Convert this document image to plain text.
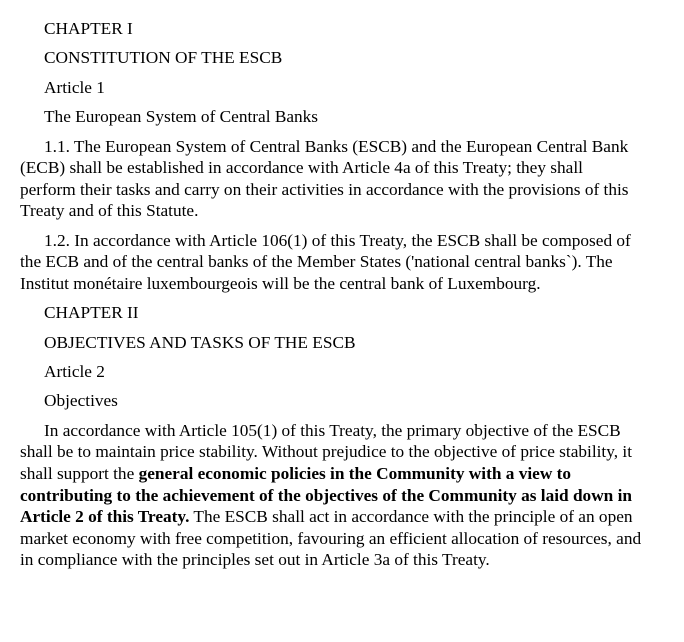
CHAPTER I

CONSTITUTION OF THE ESCB

Article 1

The European System of Central Banks

1.1. The European System of Central Banks (ESCB) and the European Central Bank (ECB) shall be established in accordance with Article 4a of this Treaty; they shall perform their tasks and carry on their activities in accordance with the provisions of this Treaty and of this Statute.

1.2. In accordance with Article 106(1) of this Treaty, the ESCB shall be composed of the ECB and of the central banks of the Member States ('national central banks`). The Institut monétaire luxembourgeois will be the central bank of Luxembourg.

CHAPTER II

OBJECTIVES AND TASKS OF THE ESCB

Article 2

Objectives

In accordance with Article 105(1) of this Treaty, the primary objective of the ESCB shall be to maintain price stability. Without prejudice to the objective of price stability, it shall support the general economic policies in the Community with a view to contributing to the achievement of the objectives of the Community as laid down in Article 2 of this Treaty. The ESCB shall act in accordance with the principle of an open market economy with free competition, favouring an efficient allocation of resources, and in compliance with the principles set out in Article 3a of this Treaty.
